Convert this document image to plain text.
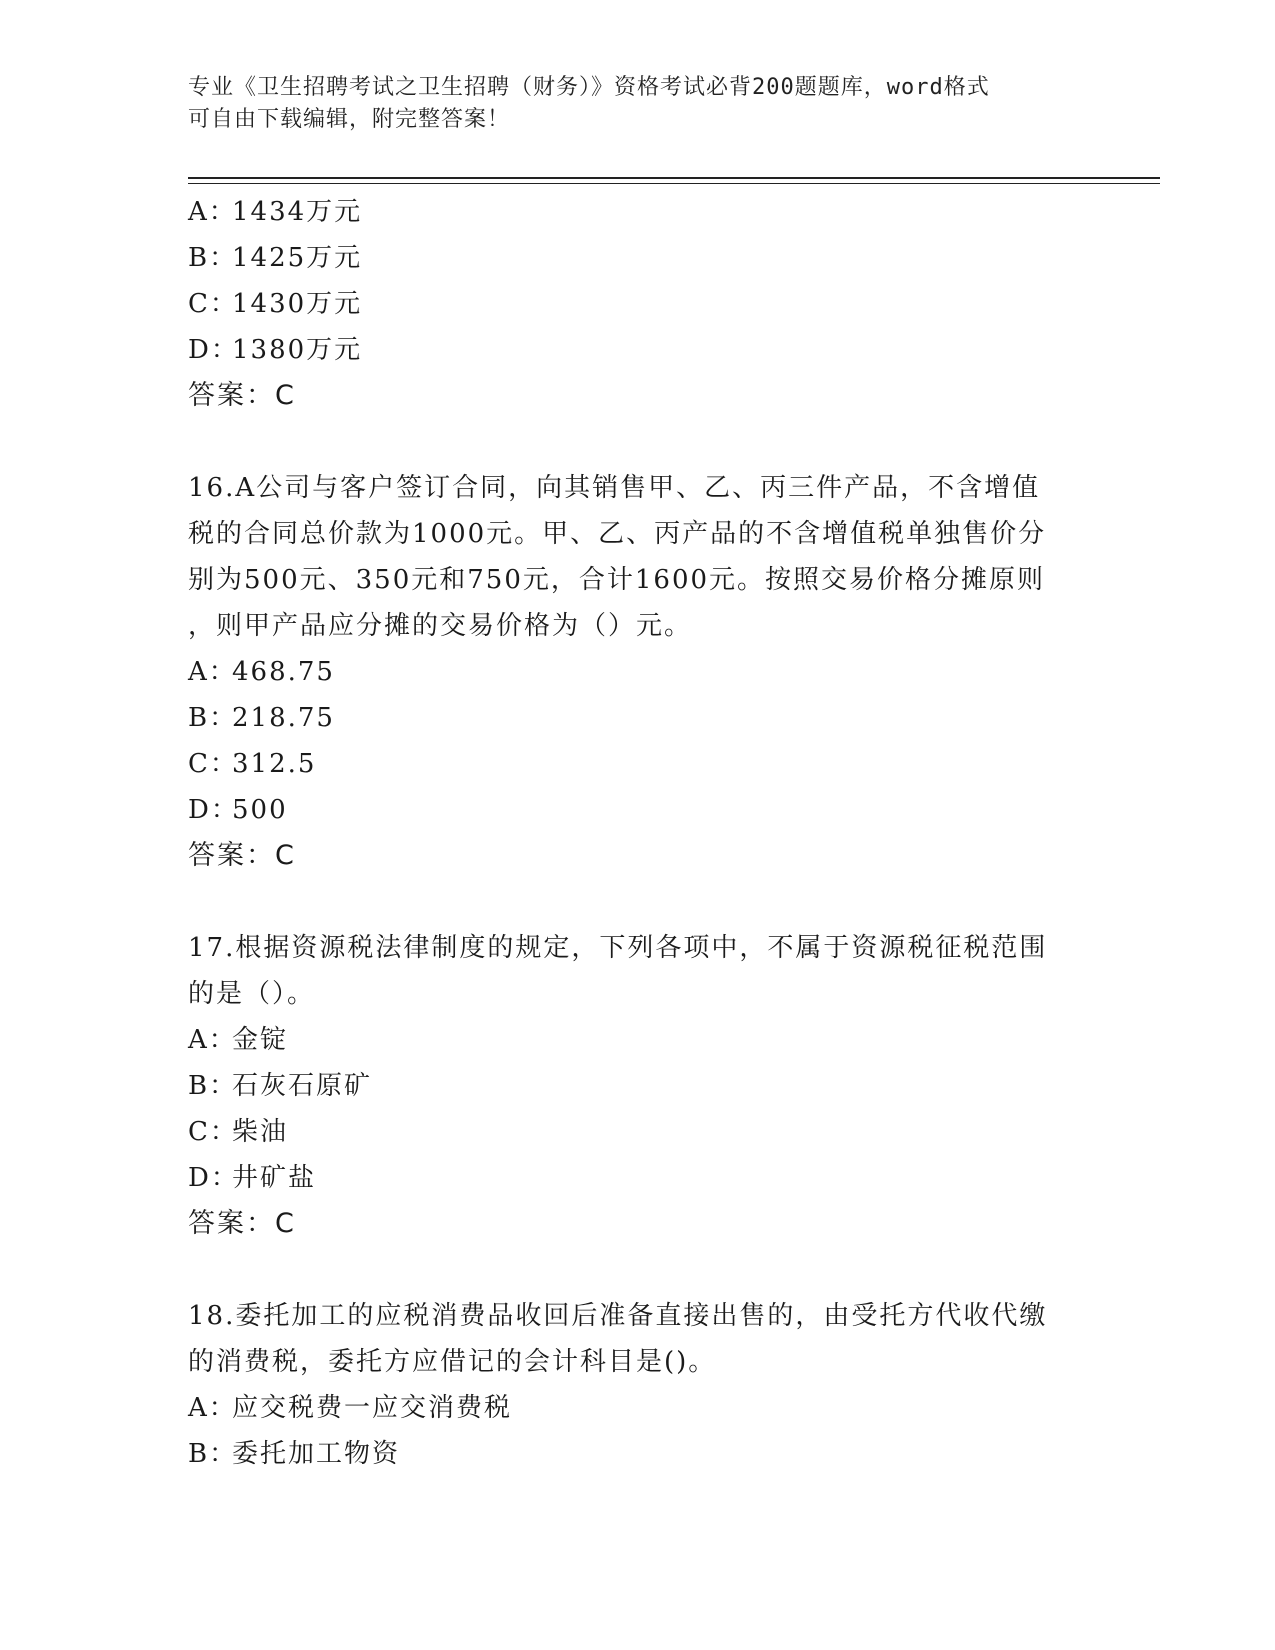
专业《卫生招聘考试之卫生招聘（财务）》资格考试必背200题题库，word格式
可自由下载编辑，附完整答案！
A：1434万元
B：1425万元
C：1430万元
D：1380万元
答案：C
16.A公司与客户签订合同，向其销售甲、乙、丙三件产品，不含增值
税的合同总价款为1000元。甲、乙、丙产品的不含增值税单独售价分
别为500元、350元和750元，合计1600元。按照交易价格分摊原则
，则甲产品应分摊的交易价格为（）元。
A：468.75
B：218.75
C：312.5
D：500
答案：C
17.根据资源税法律制度的规定，下列各项中，不属于资源税征税范围
的是（）。
A：金锭
B：石灰石原矿
C：柴油
D：井矿盐
答案：C
18.委托加工的应税消费品收回后准备直接出售的，由受托方代收代缴
的消费税，委托方应借记的会计科目是()。
A：应交税费一应交消费税
B：委托加工物资
